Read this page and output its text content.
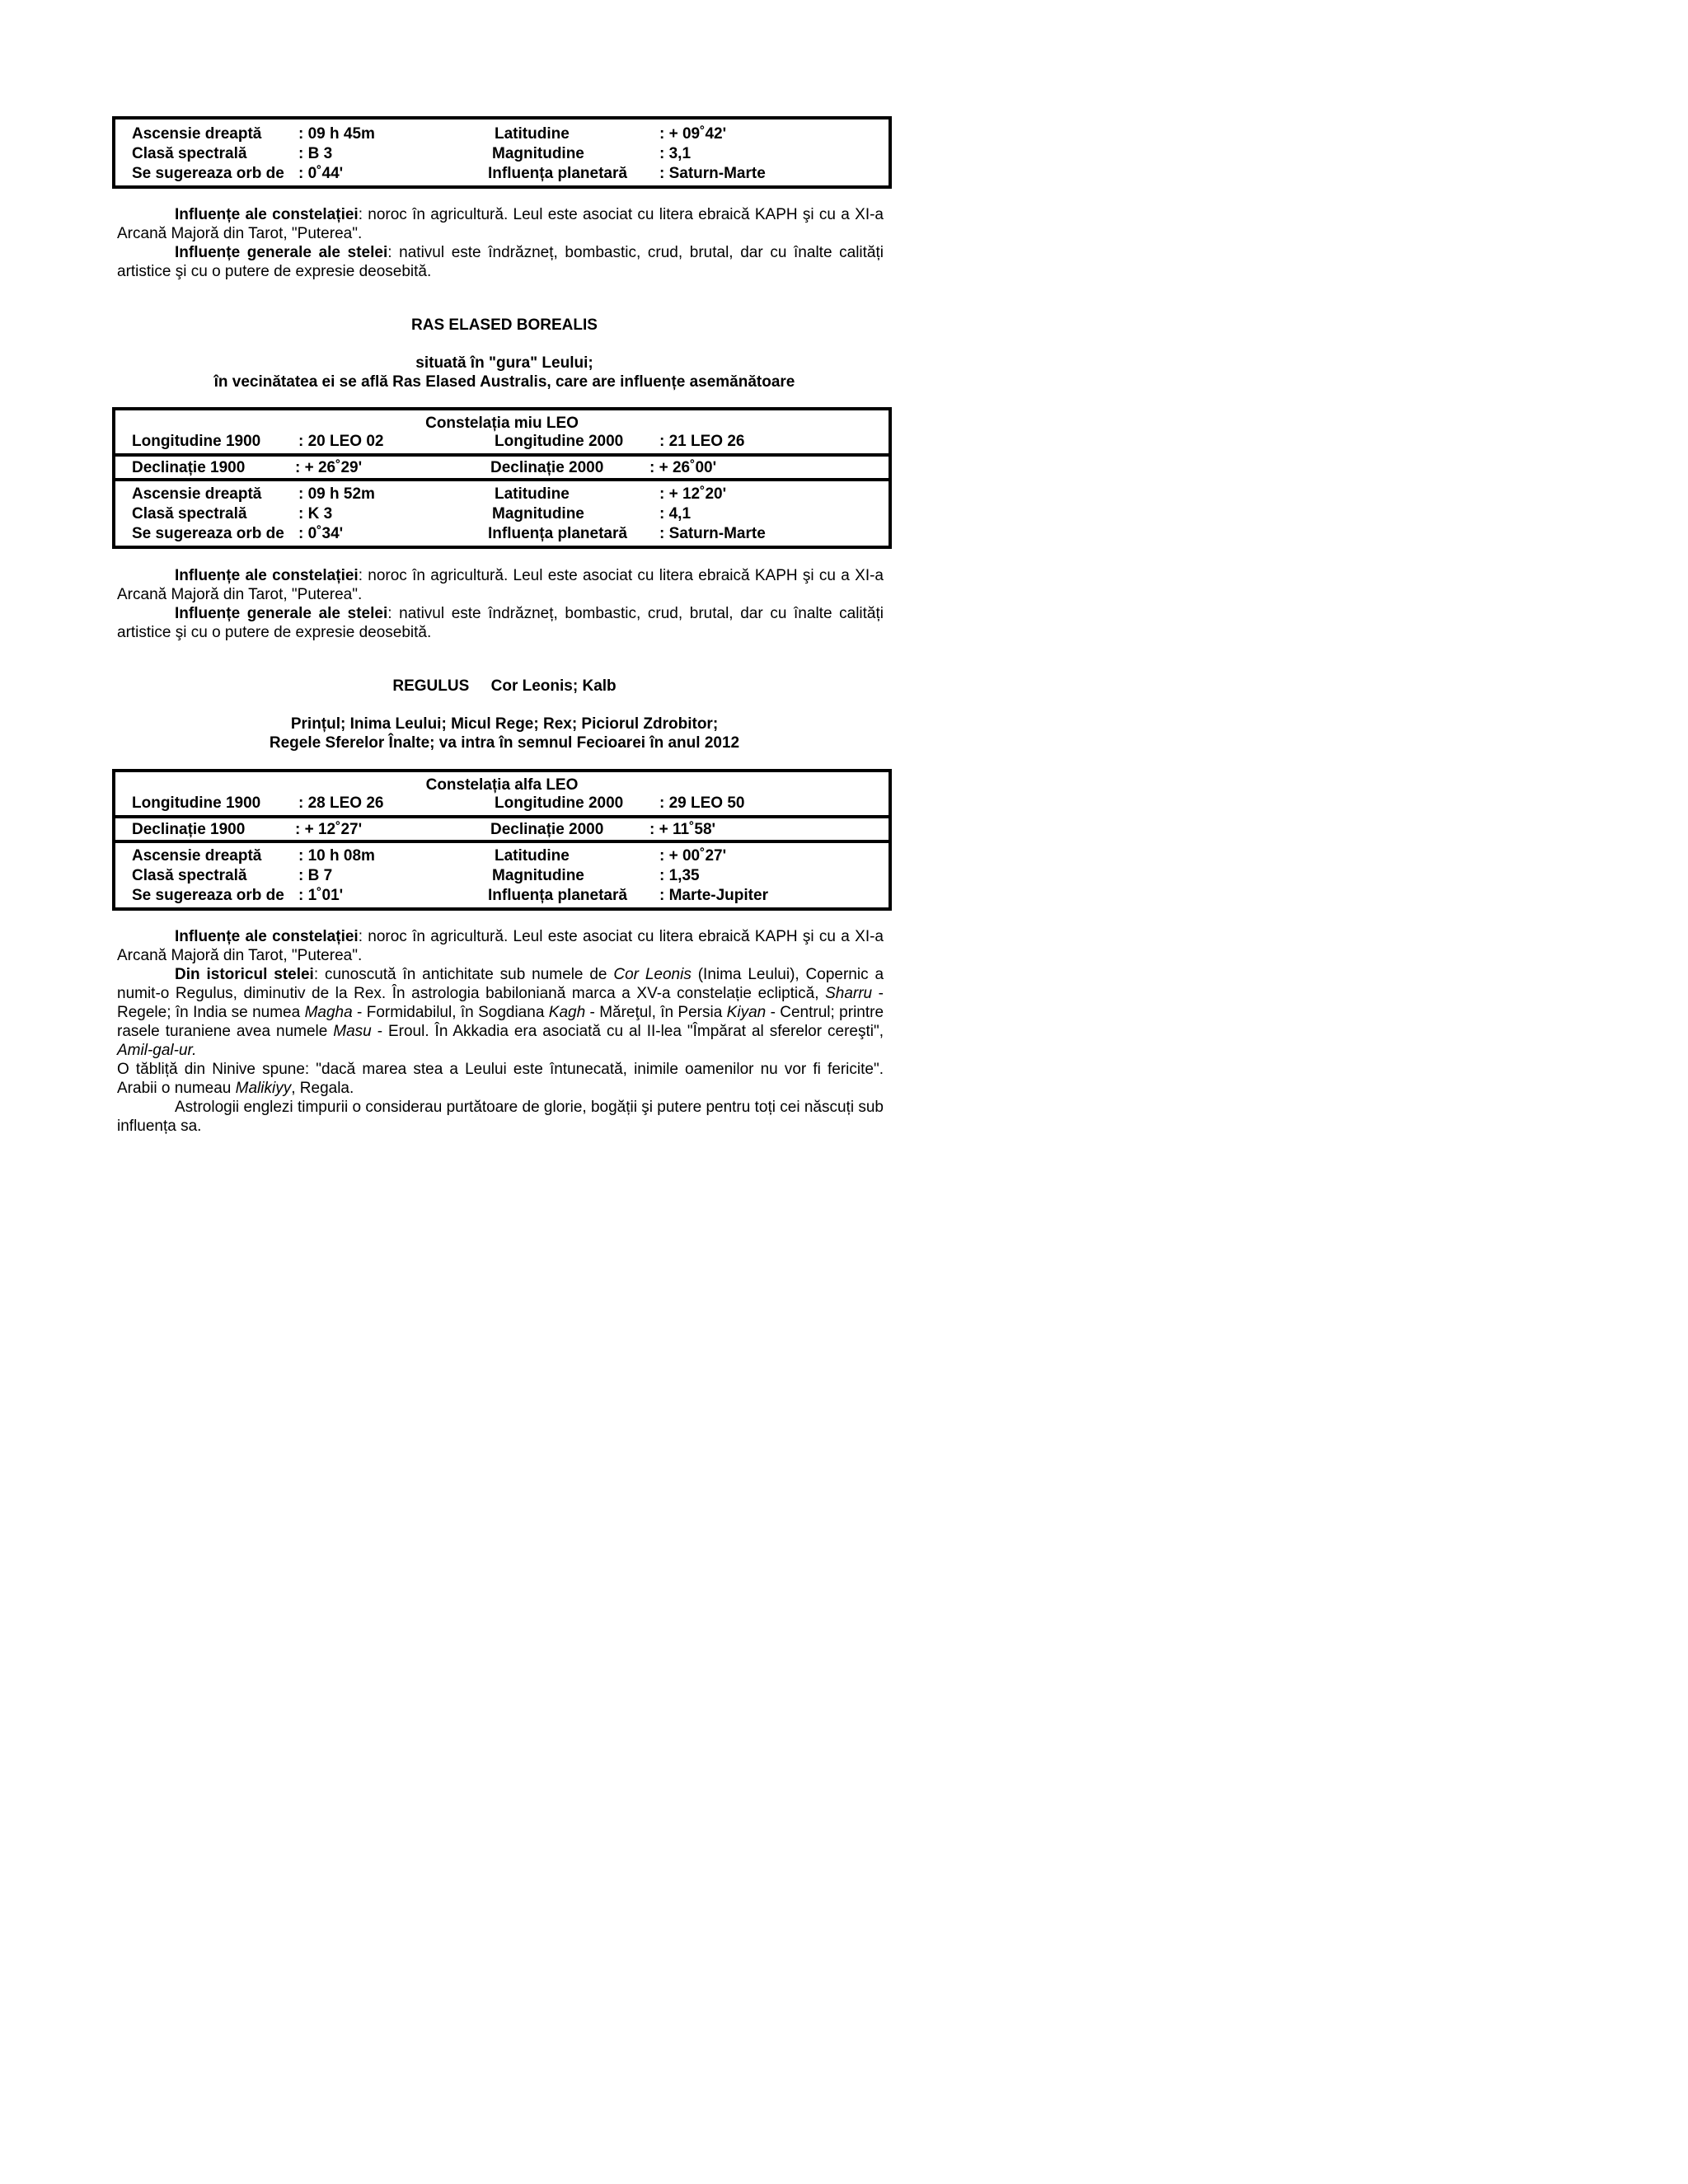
Ascensie dreaptă : 09 h 45m	Latitudine	: + 09˚42ʹ
Clasă spectrală	: B 3	Magnitudine	: 3,1
Se sugereaza orb de : 0˚44ʹ	Influența planetară : Saturn-Marte
Influențe ale constelației: noroc în agricultură. Leul este asociat cu litera ebraică KAPH şi cu a XI-a Arcană Majoră din Tarot, "Puterea".
Influențe generale ale stelei: nativul este îndrăzneț, bombastic, crud, brutal, dar cu înalte calități artistice şi cu o putere de expresie deosebită.
RAS ELASED BOREALIS
situată în "gura" Leului;
în vecinătatea ei se află Ras Elased Australis, care are influențe asemănătoare
Constelația miu LEO
Longitudine 1900 : 20 LEO 02	Longitudine 2000 : 21 LEO 26
Declinație 1900	: + 26˚29ʹ	Declinație 2000	: + 26˚00ʹ
Ascensie dreaptă : 09 h 52m	Latitudine	: + 12˚20ʹ
Clasă spectrală	: K 3	Magnitudine	: 4,1
Se sugereaza orb de : 0˚34ʹ	Influența planetară : Saturn-Marte
Influențe ale constelației: noroc în agricultură. Leul este asociat cu litera ebraică KAPH şi cu a XI-a Arcană Majoră din Tarot, "Puterea".
Influențe generale ale stelei: nativul este îndrăzneț, bombastic, crud, brutal, dar cu înalte calități artistice şi cu o putere de expresie deosebită.
REGULUS     Cor Leonis; Kalb
Prințul; Inima Leului; Micul Rege; Rex; Piciorul Zdrobitor;
Regele Sferelor Înalte; va intra în semnul Fecioarei în anul 2012
Constelația alfa LEO
Longitudine 1900 : 28 LEO 26	Longitudine 2000 : 29 LEO 50
Declinație 1900	: + 12˚27ʹ	Declinație 2000	: + 11˚58ʹ
Ascensie dreaptă : 10 h 08m	Latitudine	: + 00˚27ʹ
Clasă spectrală	: B 7	Magnitudine	: 1,35
Se sugereaza orb de : 1˚01ʹ	Influența planetară : Marte-Jupiter
Influențe ale constelației: noroc în agricultură. Leul este asociat cu litera ebraică KAPH şi cu a XI-a Arcană Majoră din Tarot, "Puterea".
Din istoricul stelei: cunoscută în antichitate sub numele de Cor Leonis (Inima Leului), Copernic a numit-o Regulus, diminutiv de la Rex. În astrologia babiloniană marca a XV-a constelație ecliptică, Sharru - Regele; în India se numea Magha - Formidabilul, în Sogdiana Kagh - Măreţul, în Persia Kiyan - Centrul; printre rasele turaniene avea numele Masu - Eroul. În Akkadia era asociată cu al II-lea "Împărat al sferelor cereşti", Amil-gal-ur.
O tăbliță din Ninive spune: "dacă marea stea a Leului este întunecată, inimile oamenilor nu vor fi fericite". Arabii o numeau Malikiyy, Regala.
Astrologii englezi timpurii o considerau purtătoare de glorie, bogății şi putere pentru toți cei născuți sub influența sa.
